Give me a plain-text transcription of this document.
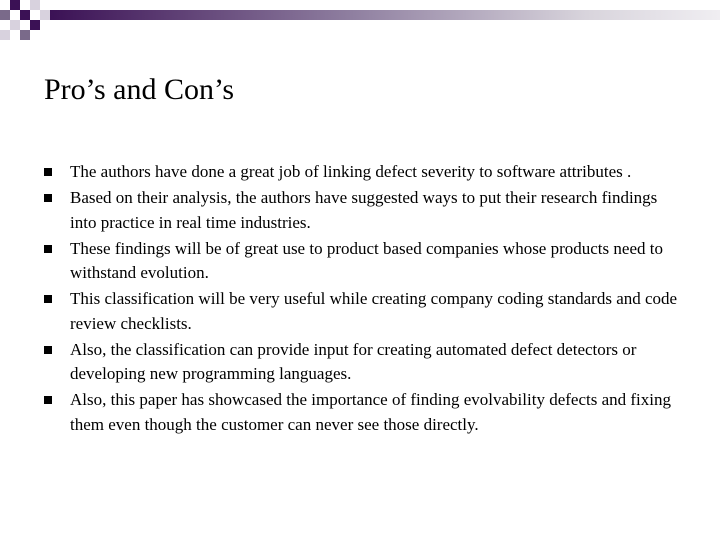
Pro’s and Con’s
The authors have done a great job of linking defect severity to software attributes .
Based on their analysis, the authors have suggested ways to put their research findings into practice in real time industries.
These findings will be of great use to product based companies whose products need to withstand evolution.
This classification will be very useful while creating company coding standards and code review checklists.
Also, the classification can provide input for creating automated defect detectors or developing new programming languages.
Also, this paper has showcased the importance of finding evolvability defects and fixing them even though the customer can never see those directly.
